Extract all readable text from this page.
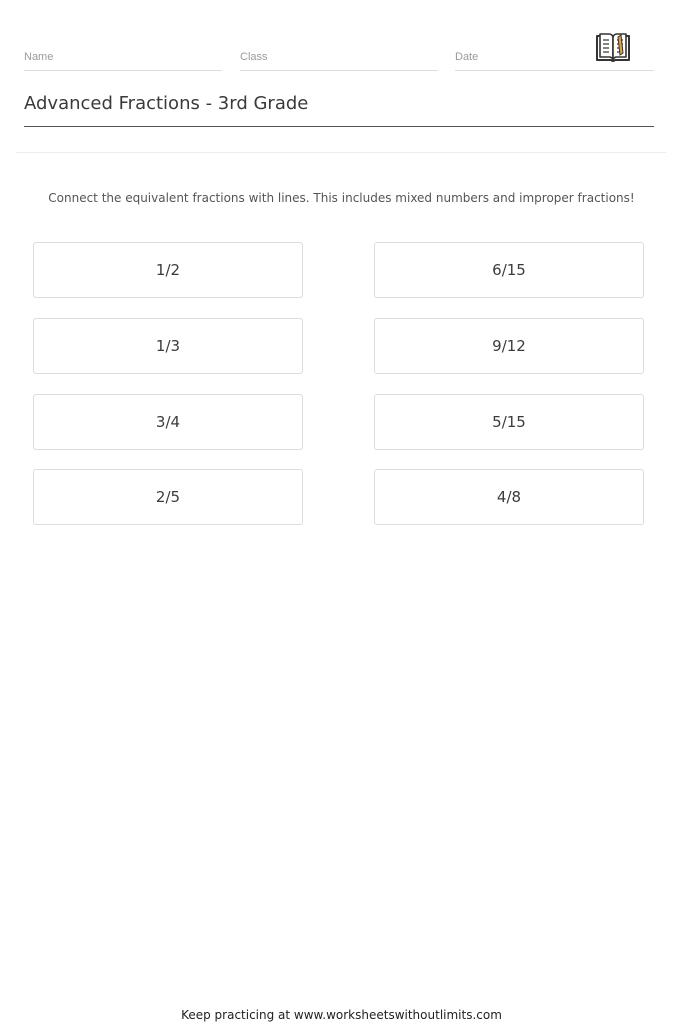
Name	Class	Date
Advanced Fractions - 3rd Grade
Connect the equivalent fractions with lines. This includes mixed numbers and improper fractions!
1/2
1/3
3/4
2/5
6/15
9/12
5/15
4/8
Keep practicing at www.worksheetswithoutlimits.com
